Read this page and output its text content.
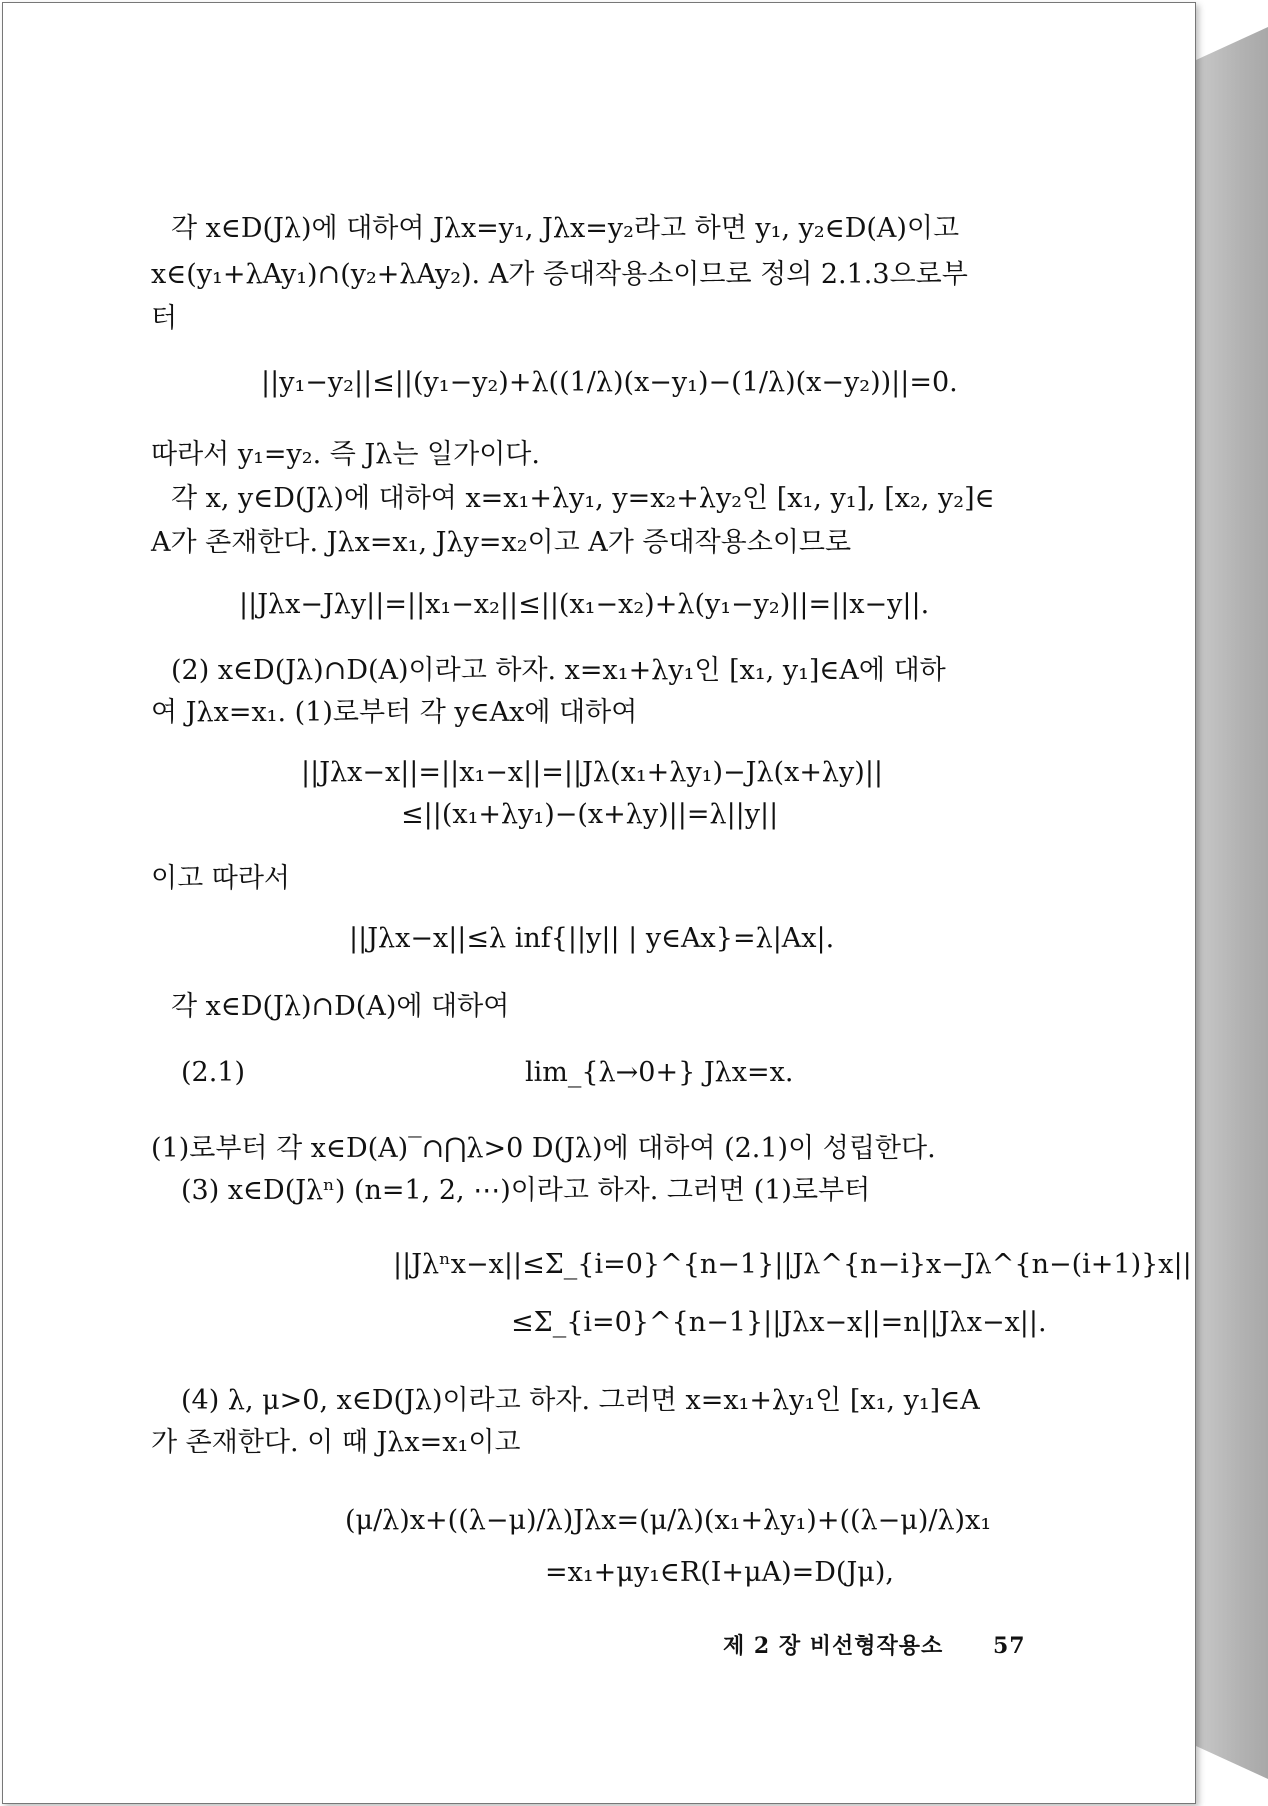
각 x∈D(Jλ)에 대하여 Jλx=y₁, Jλx=y₂라고 하면 y₁, y₂∈D(A)이고
x∈(y₁+λAy₁)∩(y₂+λAy₂). A가 증대작용소이므로 정의 2.1.3으로부
터
||y₁−y₂||≤||(y₁−y₂)+λ((1/λ)(x−y₁)−(1/λ)(x−y₂))||=0.
따라서 y₁=y₂. 즉 Jλ는 일가이다.
각 x, y∈D(Jλ)에 대하여 x=x₁+λy₁, y=x₂+λy₂인 [x₁, y₁], [x₂, y₂]∈
A가 존재한다. Jλx=x₁, Jλy=x₂이고 A가 증대작용소이므로
||Jλx−Jλy||=||x₁−x₂||≤||(x₁−x₂)+λ(y₁−y₂)||=||x−y||.
(2) x∈D(Jλ)∩D(A)이라고 하자. x=x₁+λy₁인 [x₁, y₁]∈A에 대하
여 Jλx=x₁. (1)로부터 각 y∈Ax에 대하여
||Jλx−x||=||x₁−x||=||Jλ(x₁+λy₁)−Jλ(x+λy)||
≤||(x₁+λy₁)−(x+λy)||=λ||y||
이고 따라서
||Jλx−x||≤λ inf{||y|| | y∈Ax}=λ|Ax|.
각 x∈D(Jλ)∩D(A)에 대하여
(2.1)	lim_{λ→0+} Jλx=x.
(1)로부터 각 x∈D(A)‾∩⋂λ>0 D(Jλ)에 대하여 (2.1)이 성립한다.
(3) x∈D(Jλⁿ) (n=1, 2, ⋯)이라고 하자. 그러면 (1)로부터
||Jλⁿx−x||≤Σ_{i=0}^{n−1}||Jλ^{n−i}x−Jλ^{n−(i+1)}x||
≤Σ_{i=0}^{n−1}||Jλx−x||=n||Jλx−x||.
(4) λ, μ>0, x∈D(Jλ)이라고 하자. 그러면 x=x₁+λy₁인 [x₁, y₁]∈A
가 존재한다. 이 때 Jλx=x₁이고
(μ/λ)x+((λ−μ)/λ)Jλx=(μ/λ)(x₁+λy₁)+((λ−μ)/λ)x₁
=x₁+μy₁∈R(I+μA)=D(Jμ),
제 2 장 비선형작용소 57
